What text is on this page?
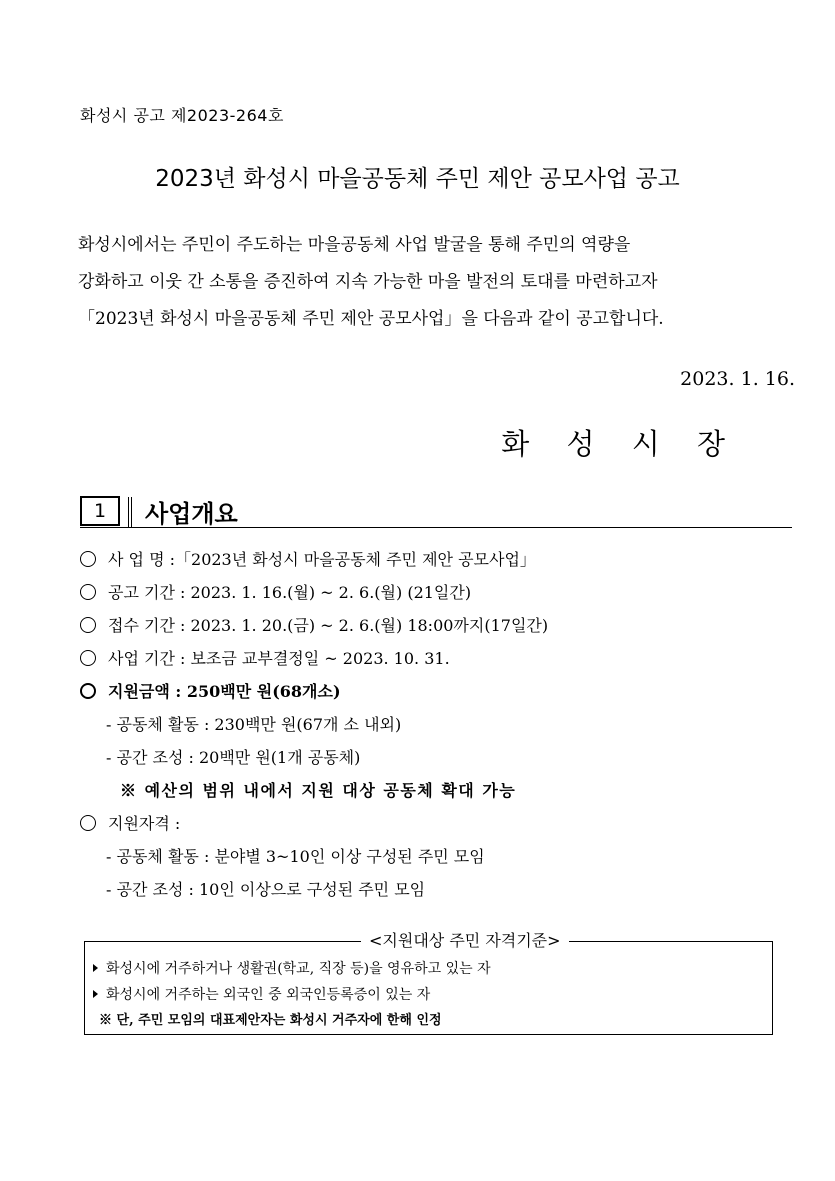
화성시 공고 제2023-264호
2023년 화성시 마을공동체 주민 제안 공모사업 공고

화성시에서는 주민이 주도하는 마을공동체 사업 발굴을 통해 주민의 역량을

강화하고 이웃 간 소통을 증진하여 지속 가능한 마을 발전의 토대를 마련하고자

「2023년 화성시 마을공동체 주민 제안 공모사업」을 다음과 같이 공고합니다.

2023. 1. 16.
화 성 시 장
1	사업개요
사 업 명 :「2023년 화성시 마을공동체 주민 제안 공모사업」
공고 기간 : 2023. 1. 16.(월) ~ 2. 6.(월) (21일간)
접수 기간 : 2023. 1. 20.(금) ~ 2. 6.(월) 18:00까지(17일간)
사업 기간 : 보조금 교부결정일 ~ 2023. 10. 31.
지원금액 : 250백만 원(68개소)
- 공동체 활동 : 230백만 원(67개 소 내외)
- 공간 조성 : 20백만 원(1개 공동체)
※ 예산의 범위 내에서 지원 대상 공동체 확대 가능
지원자격 :
- 공동체 활동 : 분야별 3~10인 이상 구성된 주민 모임
- 공간 조성 : 10인 이상으로 구성된 주민 모임
<지원대상 주민 자격기준>
화성시에 거주하거나 생활권(학교, 직장 등)을 영유하고 있는 자
화성시에 거주하는 외국인 중 외국인등록증이 있는 자
※ 단, 주민 모임의 대표제안자는 화성시 거주자에 한해 인정
